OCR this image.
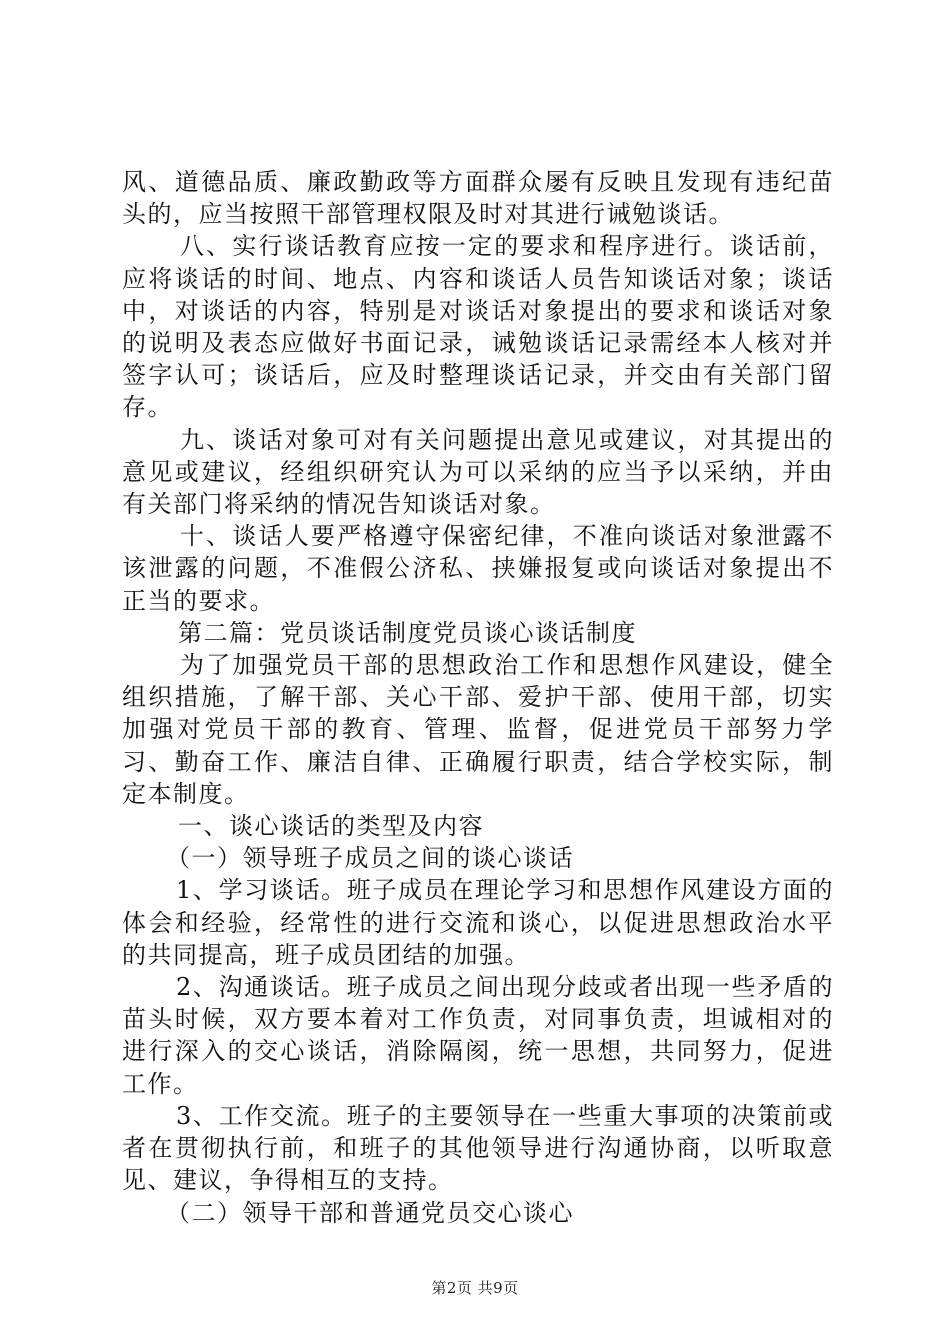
风、道德品质、廉政勤政等方面群众屡有反映且发现有违纪苗头的，应当按照干部管理权限及时对其进行诫勉谈话。

八、实行谈话教育应按一定的要求和程序进行。谈话前，应将谈话的时间、地点、内容和谈话人员告知谈话对象；谈话中，对谈话的内容，特别是对谈话对象提出的要求和谈话对象的说明及表态应做好书面记录，诫勉谈话记录需经本人核对并签字认可；谈话后，应及时整理谈话记录，并交由有关部门留存。

九、谈话对象可对有关问题提出意见或建议，对其提出的意见或建议，经组织研究认为可以采纳的应当予以采纳，并由有关部门将采纳的情况告知谈话对象。

十、谈话人要严格遵守保密纪律，不准向谈话对象泄露不该泄露的问题，不准假公济私、挟嫌报复或向谈话对象提出不正当的要求。

第二篇：党员谈话制度党员谈心谈话制度

为了加强党员干部的思想政治工作和思想作风建设，健全组织措施，了解干部、关心干部、爱护干部、使用干部，切实加强对党员干部的教育、管理、监督，促进党员干部努力学习、勤奋工作、廉洁自律、正确履行职责，结合学校实际，制定本制度。

一、谈心谈话的类型及内容

（一）领导班子成员之间的谈心谈话

1、学习谈话。班子成员在理论学习和思想作风建设方面的体会和经验，经常性的进行交流和谈心，以促进思想政治水平的共同提高，班子成员团结的加强。

2、沟通谈话。班子成员之间出现分歧或者出现一些矛盾的苗头时候，双方要本着对工作负责，对同事负责，坦诚相对的进行深入的交心谈话，消除隔阂，统一思想，共同努力，促进工作。

3、工作交流。班子的主要领导在一些重大事项的决策前或者在贯彻执行前，和班子的其他领导进行沟通协商，以听取意见、建议，争得相互的支持。

（二）领导干部和普通党员交心谈心

第2页 共9页
